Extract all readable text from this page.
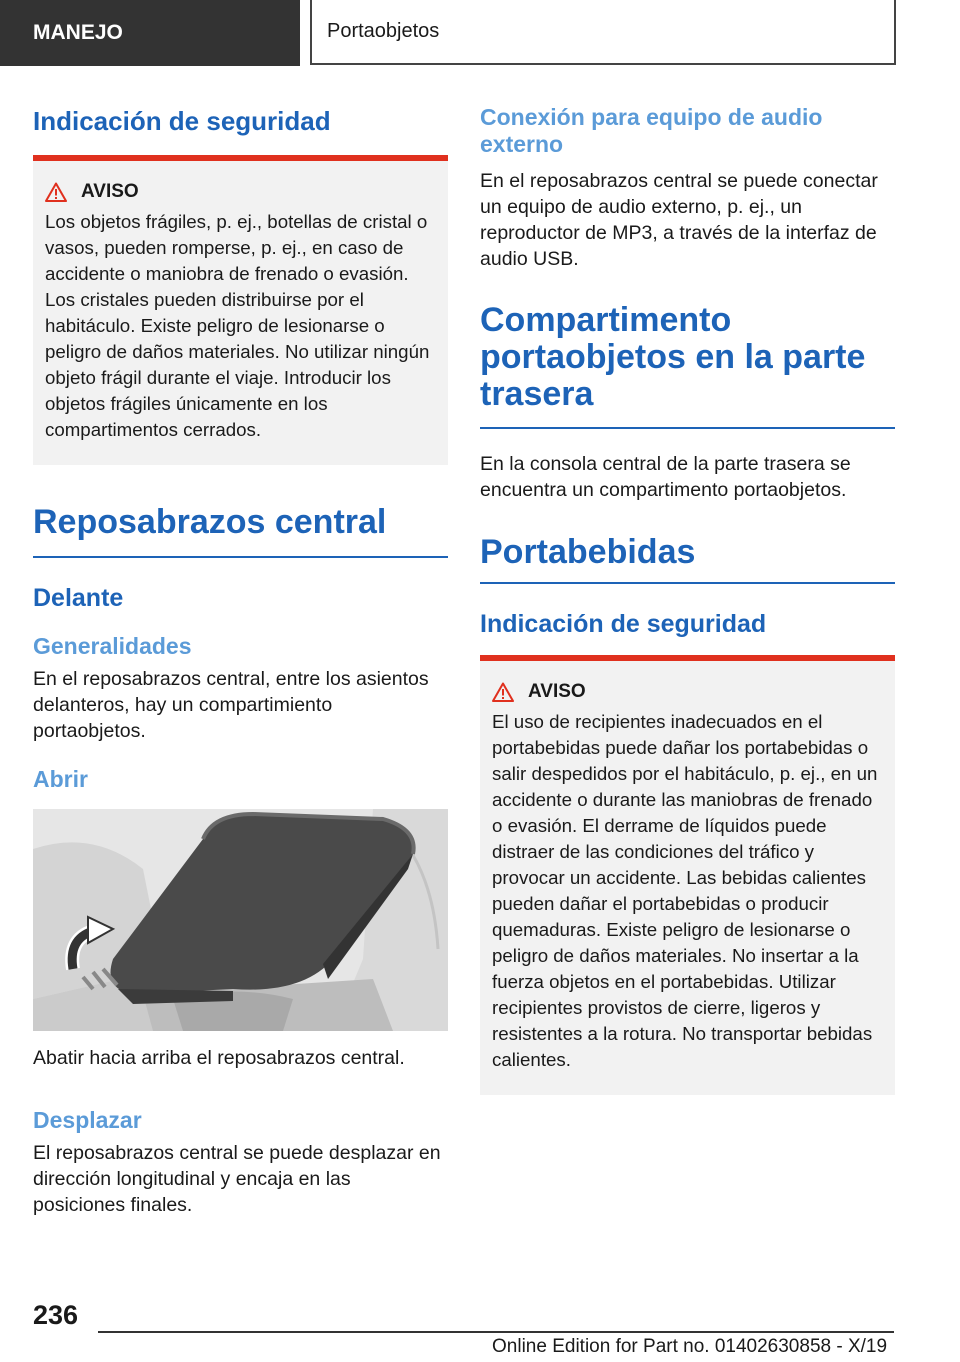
MANEJO	Portaobjetos
Indicación de seguridad
AVISO

Los objetos frágiles, p. ej., botellas de cristal o vasos, pueden romperse, p. ej., en caso de accidente o maniobra de frenado o evasión. Los cristales pueden distribuirse por el habitáculo. Existe peligro de lesionarse o peligro de daños materiales. No utilizar ningún objeto frágil durante el viaje. Introducir los objetos frágiles únicamente en los compartimentos cerrados.

Reposabrazos central
Delante
Generalidades

En el reposabrazos central, entre los asientos delanteros, hay un compartimiento portaobjetos.

Abrir

Abatir hacia arriba el reposabrazos central.

Desplazar

El reposabrazos central se puede desplazar en dirección longitudinal y encaja en las posiciones finales.

Conexión para equipo de audio externo

En el reposabrazos central se puede conectar un equipo de audio externo, p. ej., un reproductor de MP3, a través de la interfaz de audio USB.

Compartimento portaobjetos en la parte trasera

En la consola central de la parte trasera se encuentra un compartimento portaobjetos.

Portabebidas
Indicación de seguridad
AVISO

El uso de recipientes inadecuados en el portabebidas puede dañar los portabebidas o salir despedidos por el habitáculo, p. ej., en un accidente o durante las maniobras de frenado o evasión. El derrame de líquidos puede distraer de las condiciones del tráfico y provocar un accidente. Las bebidas calientes pueden dañar el portabebidas o producir quemaduras. Existe peligro de lesionarse o peligro de daños materiales. No insertar a la fuerza objetos en el portabebidas. Utilizar recipientes provistos de cierre, ligeros y resistentes a la rotura. No transportar bebidas calientes.

236
Online Edition for Part no. 01402630858 - X/19
